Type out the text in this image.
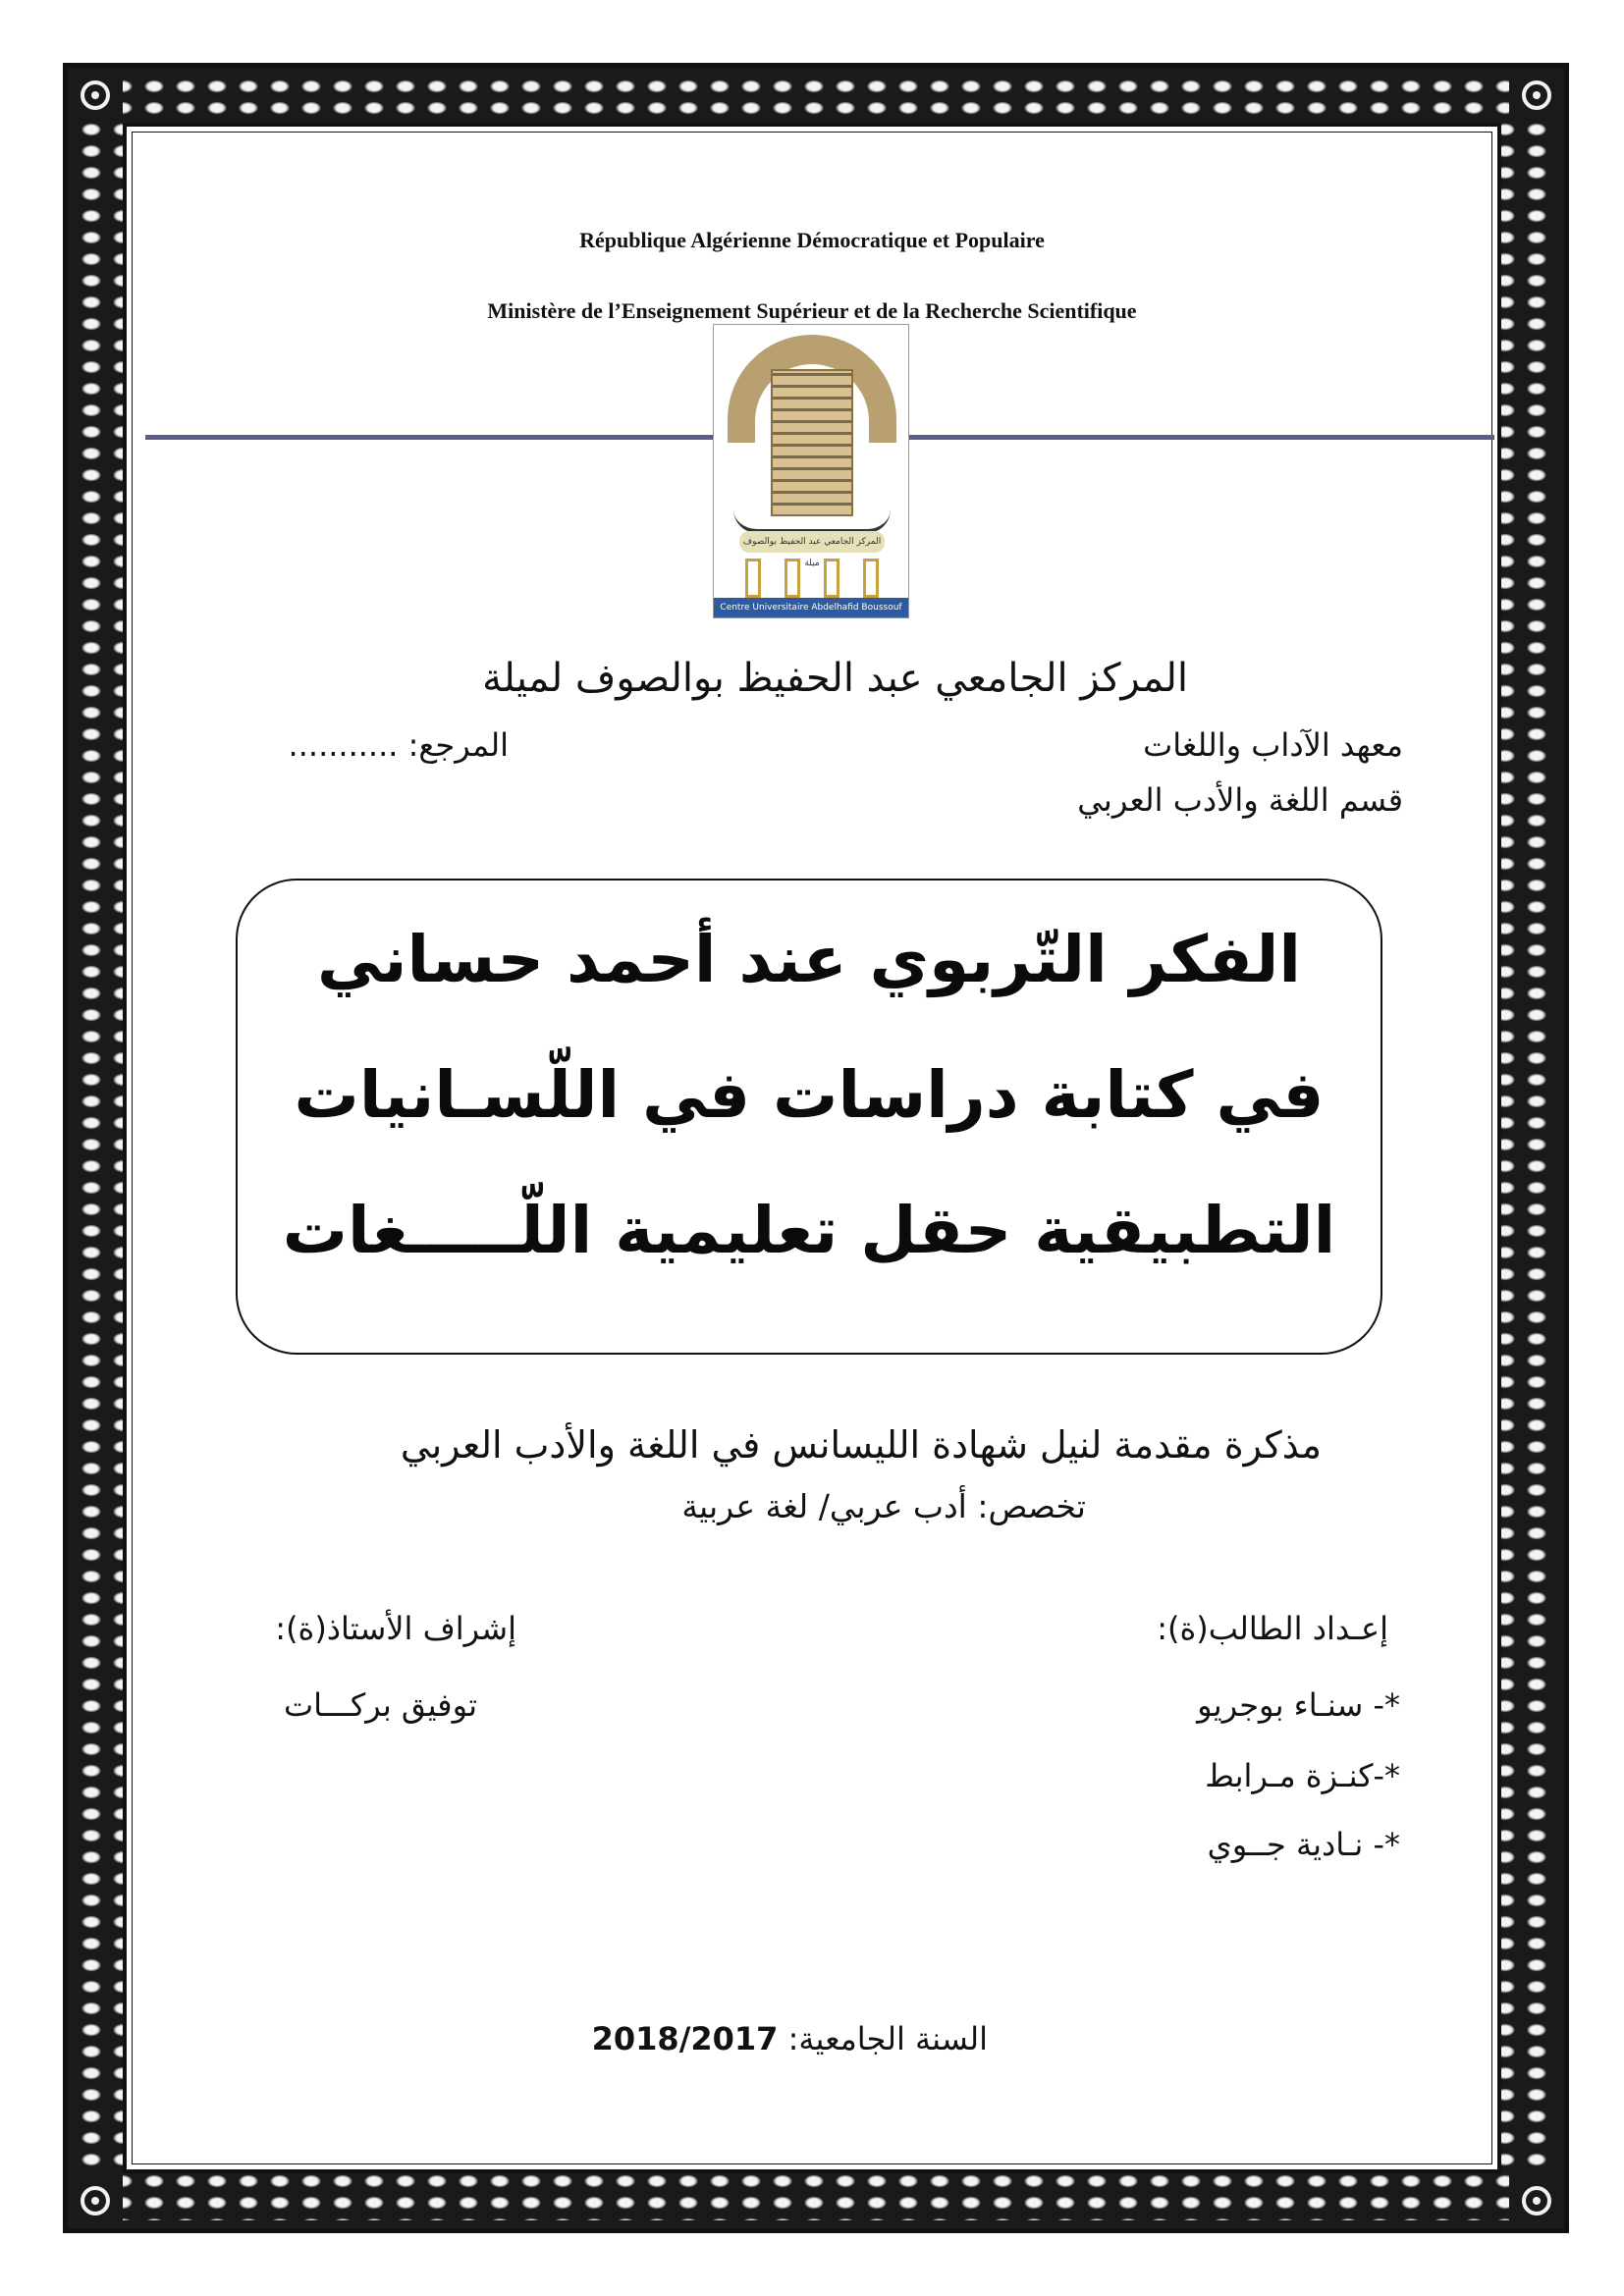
République Algérienne Démocratique et Populaire
Ministère de l’Enseignement Supérieur et de la Recherche Scientifique
المركز الجامعي عبد الحفيظ بوالصوف ميلة
Centre Universitaire Abdelhafid Boussouf Mila
المركز الجامعي عبد الحفيظ بوالصوف لميلة
معهد الآداب واللغات
المرجع: ...........
قسم اللغة والأدب العربي
الفكر التّربوي عند أحمد حساني
في كتابة دراسات في اللّسـانيات
التطبيقية حقل تعليمية اللّـــــغات
مذكرة مقدمة لنيل شهادة الليسانس في اللغة والأدب العربي
تخصص: أدب عربي/ لغة عربية
إعـداد الطالب(ة):
*- سنـاء بوجريو
*-كنـزة مـرابط
*- نـادية جــوي
إشراف الأستاذ(ة):
توفيق بركـــات
السنة الجامعية: 2018/2017
